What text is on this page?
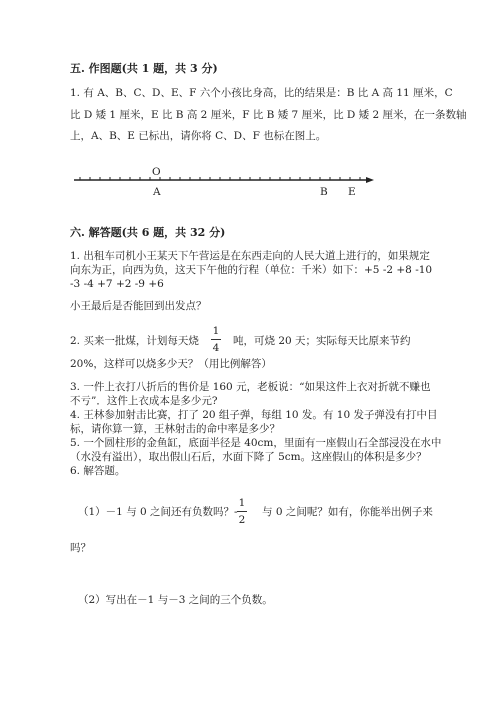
五. 作图题(共 1 题，共 3 分)
1. 有 A、B、C、D、E、F 六个小孩比身高，比的结果是：B 比 A 高 11 厘米，C
比 D 矮 1 厘米，E 比 B 高 2 厘米，F 比 B 矮 7 厘米，比 D 矮 2 厘米，在一条数轴
上，A、B、E 已标出，请你将 C、D、F 也标在图上。
O
A	B E
六. 解答题(共 6 题，共 32 分)
1. 出租车司机小王某天下午营运是在东西走向的人民大道上进行的，如果规定
向东为正，向西为负，这天下午他的行程（单位：千米）如下：+5 -2 +8 -10
-3 -4 +7 +2 -9 +6
小王最后是否能回到出发点？
2. 买来一批煤，计划每天烧
1
4
吨，可烧 20 天；实际每天比原来节约
20%，这样可以烧多少天？（用比例解答）
3. 一件上衣打八折后的售价是 160 元，老板说：“如果这件上衣对折就不赚也
不亏”．这件上衣成本是多少元?
4. 王林参加射击比赛，打了 20 组子弹，每组 10 发。有 10 发子弹没有打中目
标，请你算一算，王林射击的命中率是多少？
5. 一个圆柱形的金鱼缸，底面半径是 40cm，里面有一座假山石全部浸没在水中
（水没有溢出），取出假山石后，水面下降了 5cm。这座假山的体积是多少？
6. 解答题。
（1）－1 与 0 之间还有负数吗？-
1
2
与 0 之间呢？如有，你能举出例子来
吗？
（2）写出在－1 与－3 之间的三个负数。
